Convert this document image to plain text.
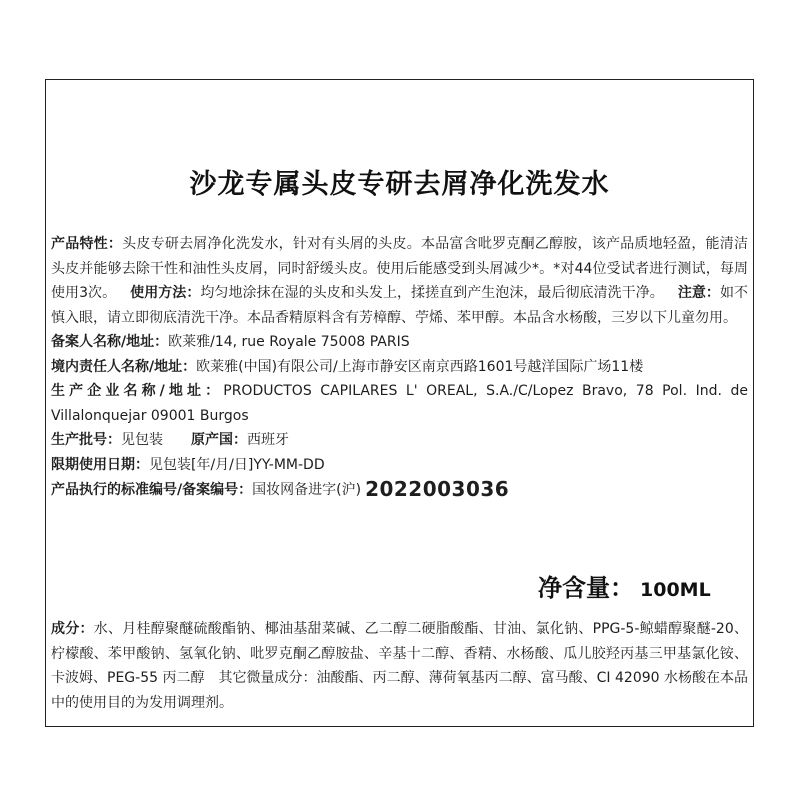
沙龙专属头皮专研去屑净化洗发水
产品特性：头皮专研去屑净化洗发水，针对有头屑的头皮。本品富含吡罗克酮乙醇胺，该产品质地轻盈，能清洁头皮并能够去除干性和油性头皮屑，同时舒缓头皮。使用后能感受到头屑减少*。*对44位受试者进行测试，每周使用3次。 使用方法：均匀地涂抹在湿的头皮和头发上，揉搓直到产生泡沫，最后彻底清洗干净。 注意：如不慎入眼，请立即彻底清洗干净。本品香精原料含有芳樟醇、苧烯、苯甲醇。本品含水杨酸，三岁以下儿童勿用。
备案人名称/地址：欧莱雅/14, rue Royale 75008 PARIS
境内责任人名称/地址：欧莱雅(中国)有限公司/上海市静安区南京西路1601号越洋国际广场11楼
生产企业名称/地址：PRODUCTOS CAPILARES L' OREAL, S.A./C/Lopez Bravo, 78 Pol. Ind. de Villalonquejar 09001 Burgos
生产批号：见包装 原产国：西班牙
限期使用日期：见包装[年/月/日]YY-MM-DD
产品执行的标准编号/备案编号：国妆网备进字(沪) 2022003036
净含量： 100ML
成分：水、月桂醇聚醚硫酸酯钠、椰油基甜菜碱、乙二醇二硬脂酸酯、甘油、氯化钠、PPG-5-鲸蜡醇聚醚-20、柠檬酸、苯甲酸钠、氢氧化钠、吡罗克酮乙醇胺盐、辛基十二醇、香精、水杨酸、瓜儿胶羟丙基三甲基氯化铵、卡波姆、PEG-55 丙二醇 其它微量成分：油酸酯、丙二醇、薄荷氧基丙二醇、富马酸、CI 42090 水杨酸在本品中的使用目的为发用调理剂。
